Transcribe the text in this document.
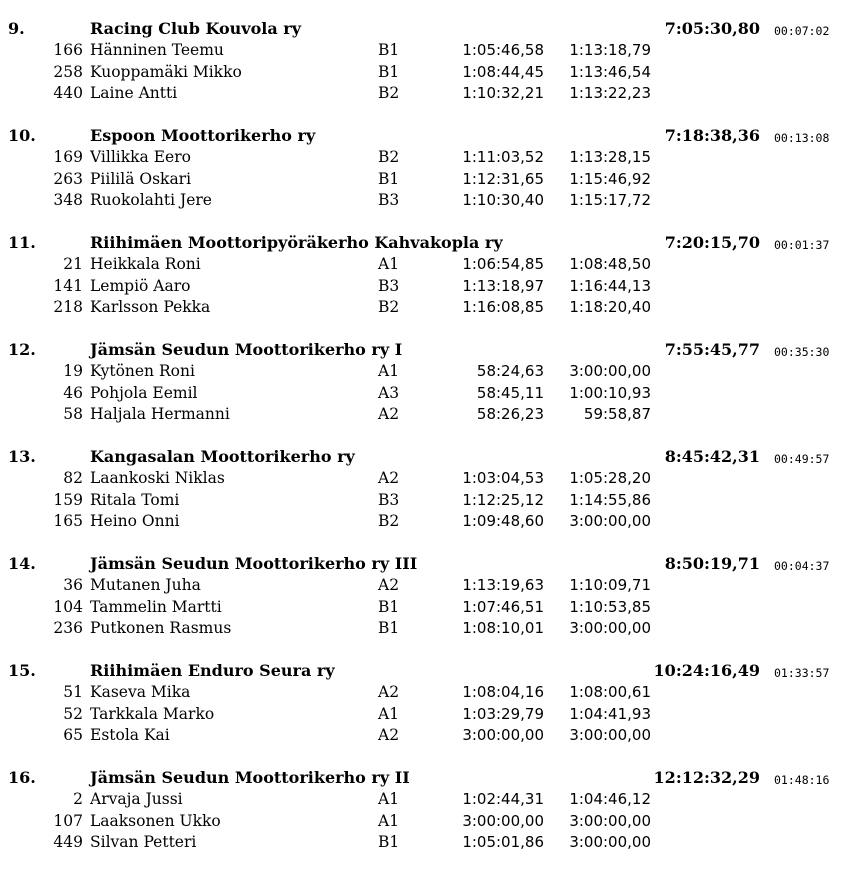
9.	Racing Club Kouvola ry	7:05:30,80 00:07:02
166 Hänninen Teemu	B1	1:05:46,58	1:13:18,79
258 Kuoppamäki Mikko	B1	1:08:44,45	1:13:46,54
440 Laine Antti	B2	1:10:32,21	1:13:22,23
10.	Espoon Moottorikerho ry	7:18:38,36 00:13:08
169 Villikka Eero	B2	1:11:03,52	1:13:28,15
263 Piililä Oskari	B1	1:12:31,65	1:15:46,92
348 Ruokolahti Jere	B3	1:10:30,40	1:15:17,72
11.	Riihimäen Moottoripyöräkerho Kahvakopla ry	7:20:15,70 00:01:37
21 Heikkala Roni	A1	1:06:54,85	1:08:48,50
141 Lempiö Aaro	B3	1:13:18,97	1:16:44,13
218 Karlsson Pekka	B2	1:16:08,85	1:18:20,40
12.	Jämsän Seudun Moottorikerho ry I	7:55:45,77 00:35:30
19 Kytönen Roni	A1	58:24,63	3:00:00,00
46 Pohjola Eemil	A3	58:45,11	1:00:10,93
58 Haljala Hermanni	A2	58:26,23	59:58,87
13.	Kangasalan Moottorikerho ry	8:45:42,31 00:49:57
82 Laankoski Niklas	A2	1:03:04,53	1:05:28,20
159 Ritala Tomi	B3	1:12:25,12	1:14:55,86
165 Heino Onni	B2	1:09:48,60	3:00:00,00
14.	Jämsän Seudun Moottorikerho ry III	8:50:19,71 00:04:37
36 Mutanen Juha	A2	1:13:19,63	1:10:09,71
104 Tammelin Martti	B1	1:07:46,51	1:10:53,85
236 Putkonen Rasmus	B1	1:08:10,01	3:00:00,00
15.	Riihimäen Enduro Seura ry	10:24:16,49 01:33:57
51 Kaseva Mika	A2	1:08:04,16	1:08:00,61
52 Tarkkala Marko	A1	1:03:29,79	1:04:41,93
65 Estola Kai	A2	3:00:00,00	3:00:00,00
16.	Jämsän Seudun Moottorikerho ry II	12:12:32,29 01:48:16
2 Arvaja Jussi	A1	1:02:44,31	1:04:46,12
107 Laaksonen Ukko	A1	3:00:00,00	3:00:00,00
449 Silvan Petteri	B1	1:05:01,86	3:00:00,00
